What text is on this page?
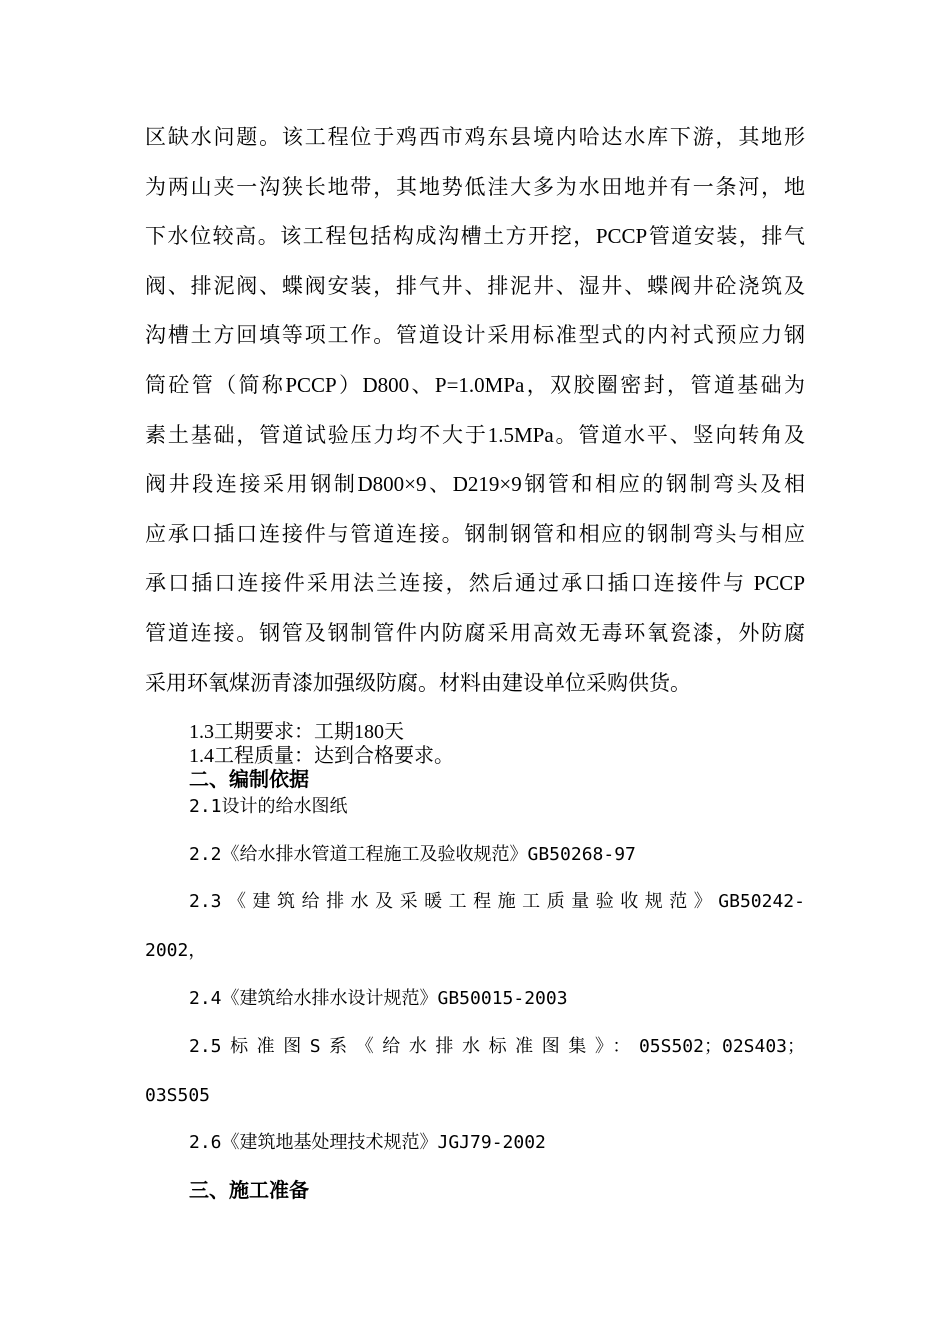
区缺水问题。该工程位于鸡西市鸡东县境内哈达水库下游，其地形
为两山夹一沟狭长地带，其地势低洼大多为水田地并有一条河，地
下水位较高。该工程包括构成沟槽土方开挖，PCCP管道安装，排气
阀、排泥阀、蝶阀安装，排气井、排泥井、湿井、蝶阀井砼浇筑及
沟槽土方回填等项工作。管道设计采用标准型式的内衬式预应力钢
筒砼管（简称PCCP）D800、P=1.0MPa，双胶圈密封，管道基础为
素土基础，管道试验压力均不大于1.5MPa。管道水平、竖向转角及
阀井段连接采用钢制D800×9、D219×9钢管和相应的钢制弯头及相
应承口插口连接件与管道连接。钢制钢管和相应的钢制弯头与相应
承口插口连接件采用法兰连接，然后通过承口插口连接件与 PCCP
管道连接。钢管及钢制管件内防腐采用高效无毒环氧瓷漆，外防腐
采用环氧煤沥青漆加强级防腐。材料由建设单位采购供货。
1.3工期要求：工期180天
1.4工程质量：达到合格要求。
二、编制依据
2.1设计的给水图纸
2.2《给水排水管道工程施工及验收规范》GB50268-97
2.3《建筑给排水及采暖工程施工质量验收规范》GB50242-
2002，
2.4《建筑给水排水设计规范》GB50015-2003
2.5标准图S系《给水排水标准图集》：05S502；02S403；
03S505
2.6《建筑地基处理技术规范》JGJ79-2002
三、施工准备
